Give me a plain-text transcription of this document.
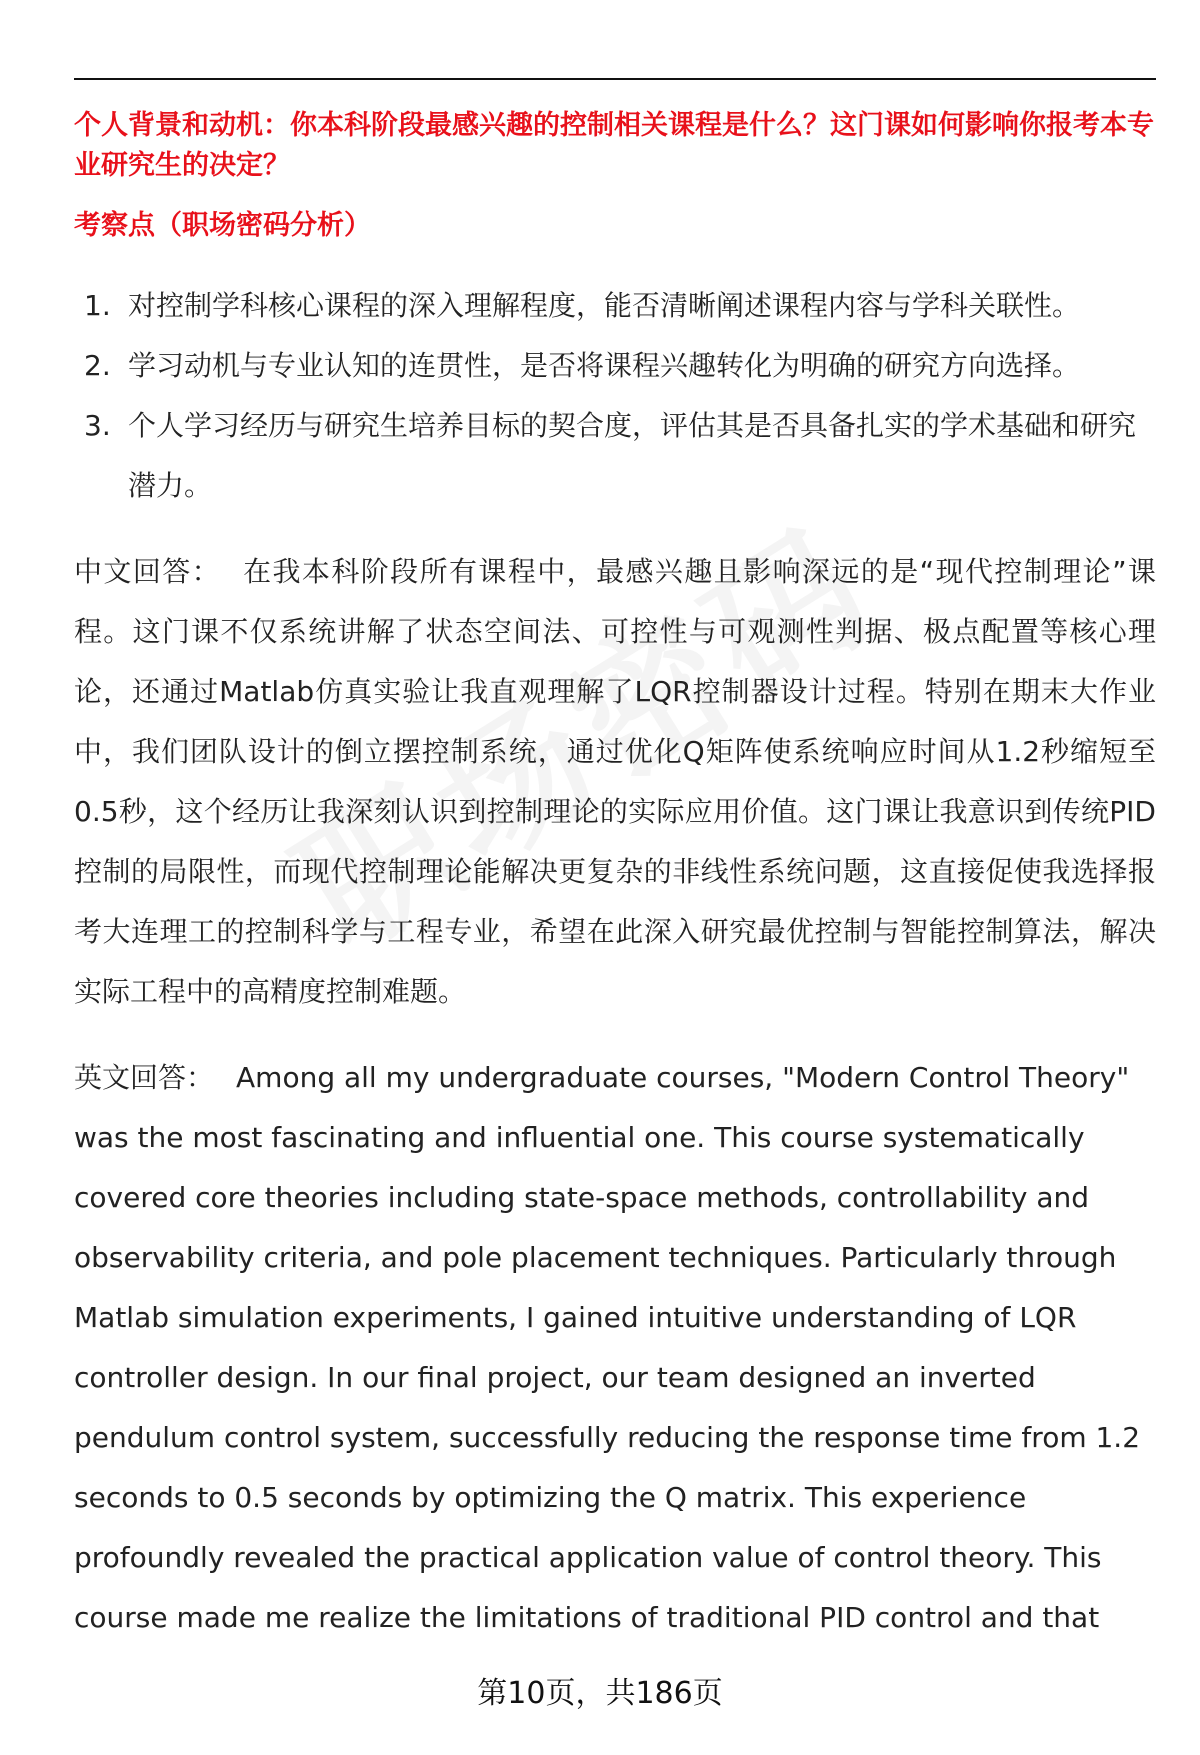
个人背景和动机：你本科阶段最感兴趣的控制相关课程是什么？这门课如何影响你报考本专业研究生的决定？

考察点（职场密码分析）

1. 对控制学科核心课程的深入理解程度，能否清晰阐述课程内容与学科关联性。
2. 学习动机与专业认知的连贯性，是否将课程兴趣转化为明确的研究方向选择。
3. 个人学习经历与研究生培养目标的契合度，评估其是否具备扎实的学术基础和研究潜力。

中文回答： 在我本科阶段所有课程中，最感兴趣且影响深远的是“现代控制理论”课程。这门课不仅系统讲解了状态空间法、可控性与可观测性判据、极点配置等核心理论，还通过Matlab仿真实验让我直观理解了LQR控制器设计过程。特别在期末大作业中，我们团队设计的倒立摆控制系统，通过优化Q矩阵使系统响应时间从1.2秒缩短至0.5秒，这个经历让我深刻认识到控制理论的实际应用价值。这门课让我意识到传统PID控制的局限性，而现代控制理论能解决更复杂的非线性系统问题，这直接促使我选择报考大连理工的控制科学与工程专业，希望在此深入研究最优控制与智能控制算法，解决实际工程中的高精度控制难题。

英文回答： Among all my undergraduate courses, "Modern Control Theory" was the most fascinating and influential one. This course systematically covered core theories including state-space methods, controllability and observability criteria, and pole placement techniques. Particularly through Matlab simulation experiments, I gained intuitive understanding of LQR controller design. In our final project, our team designed an inverted pendulum control system, successfully reducing the response time from 1.2 seconds to 0.5 seconds by optimizing the Q matrix. This experience profoundly revealed the practical application value of control theory. This course made me realize the limitations of traditional PID control and that

第10页，共186页
